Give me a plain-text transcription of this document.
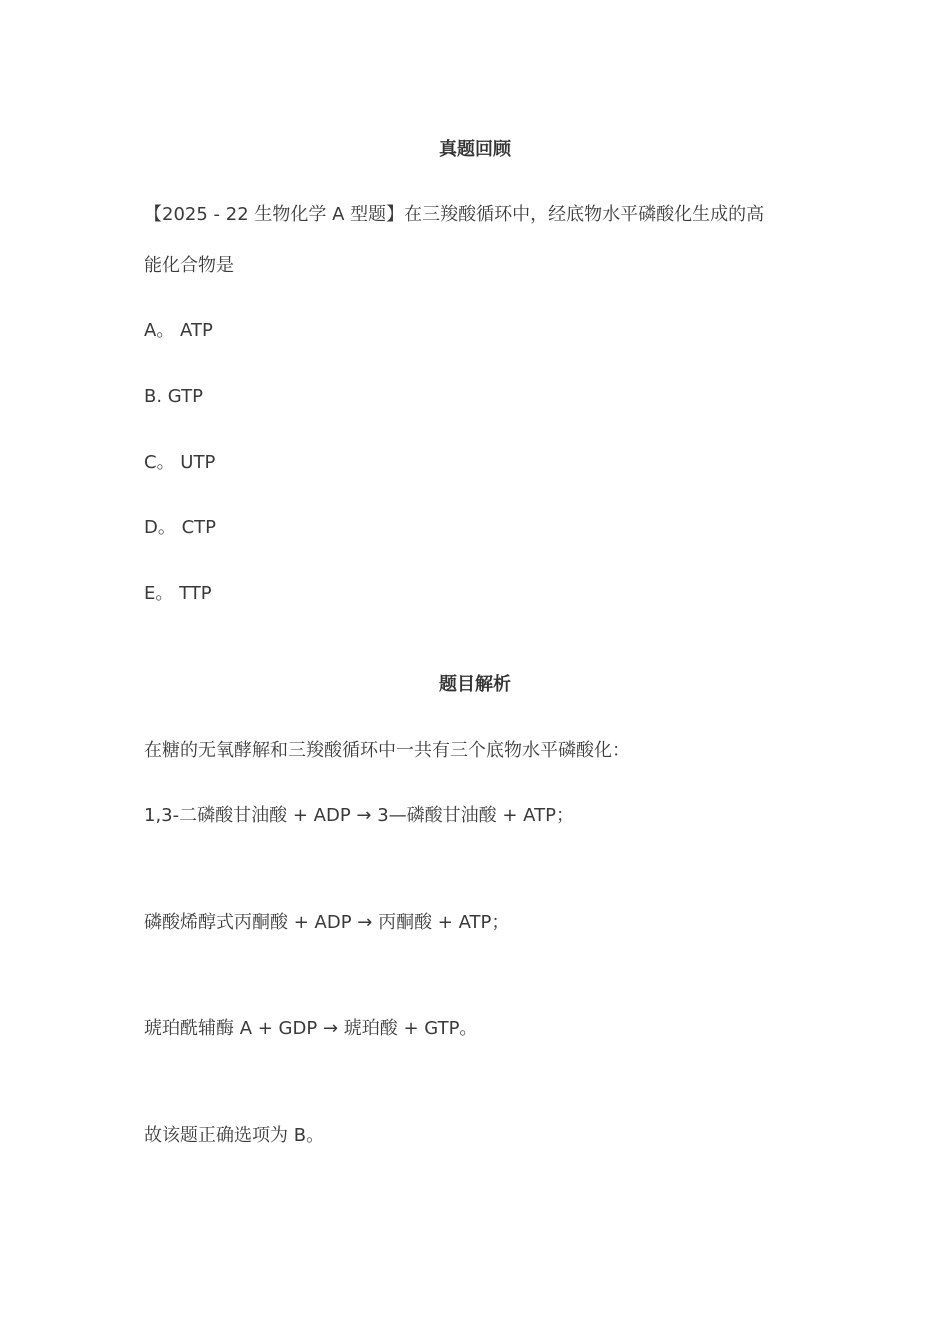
真题回顾
【2025 - 22 生物化学 A 型题】在三羧酸循环中，经底物水平磷酸化生成的高
能化合物是
A。 ATP
B. GTP
C。 UTP
D。 CTP
E。 TTP
题目解析
在糖的无氧酵解和三羧酸循环中一共有三个底物水平磷酸化：
1,3-二磷酸甘油酸 + ADP → 3—磷酸甘油酸 + ATP；
磷酸烯醇式丙酮酸 + ADP → 丙酮酸 + ATP；
琥珀酰辅酶 A + GDP → 琥珀酸 + GTP。
故该题正确选项为 B。
